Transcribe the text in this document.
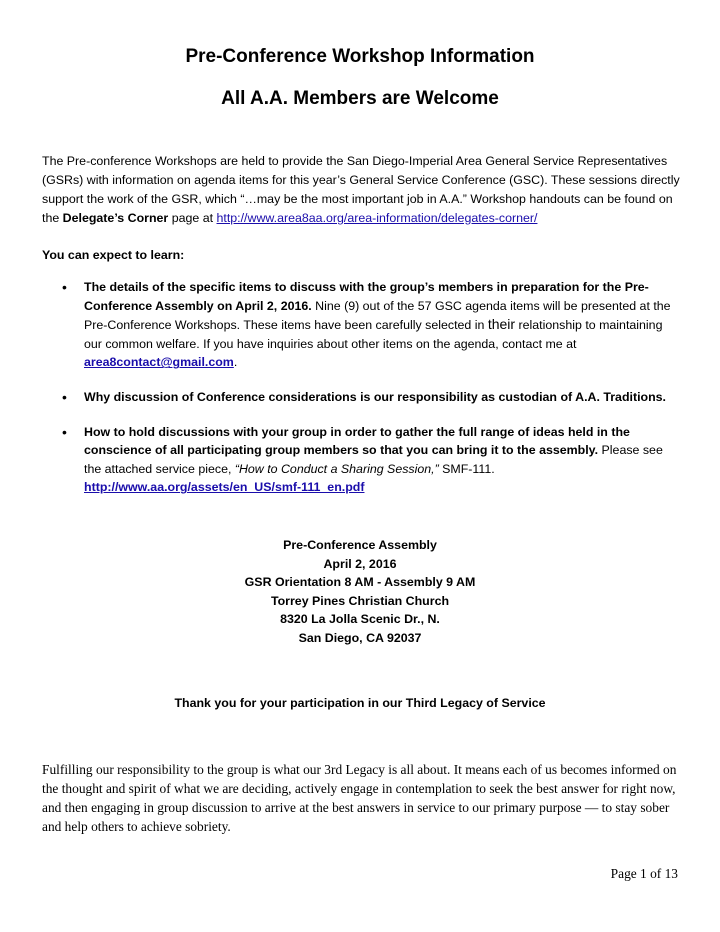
Pre-Conference Workshop Information
All A.A. Members are Welcome
The Pre-conference Workshops are held to provide the San Diego-Imperial Area General Service Representatives (GSRs) with information on agenda items for this year’s General Service Conference (GSC). These sessions directly support the work of the GSR, which “…may be the most important job in A.A.” Workshop handouts can be found on the Delegate’s Corner page at http://www.area8aa.org/area-information/delegates-corner/
You can expect to learn:
• The details of the specific items to discuss with the group’s members in preparation for the Pre-Conference Assembly on April 2, 2016. Nine (9) out of the 57 GSC agenda items will be presented at the Pre-Conference Workshops. These items have been carefully selected in their relationship to maintaining our common welfare. If you have inquiries about other items on the agenda, contact me at area8contact@gmail.com.
• Why discussion of Conference considerations is our responsibility as custodian of A.A. Traditions.
• How to hold discussions with your group in order to gather the full range of ideas held in the conscience of all participating group members so that you can bring it to the assembly. Please see the attached service piece, “How to Conduct a Sharing Session,” SMF-111. http://www.aa.org/assets/en_US/smf-111_en.pdf
Pre-Conference Assembly
April 2, 2016
GSR Orientation 8 AM - Assembly 9 AM
Torrey Pines Christian Church
8320 La Jolla Scenic Dr., N.
San Diego, CA 92037
Thank you for your participation in our Third Legacy of Service
Fulfilling our responsibility to the group is what our 3rd Legacy is all about. It means each of us becomes informed on the thought and spirit of what we are deciding, actively engage in contemplation to seek the best answer for right now, and then engaging in group discussion to arrive at the best answers in service to our primary purpose — to stay sober and help others to achieve sobriety.
Page 1 of 13
